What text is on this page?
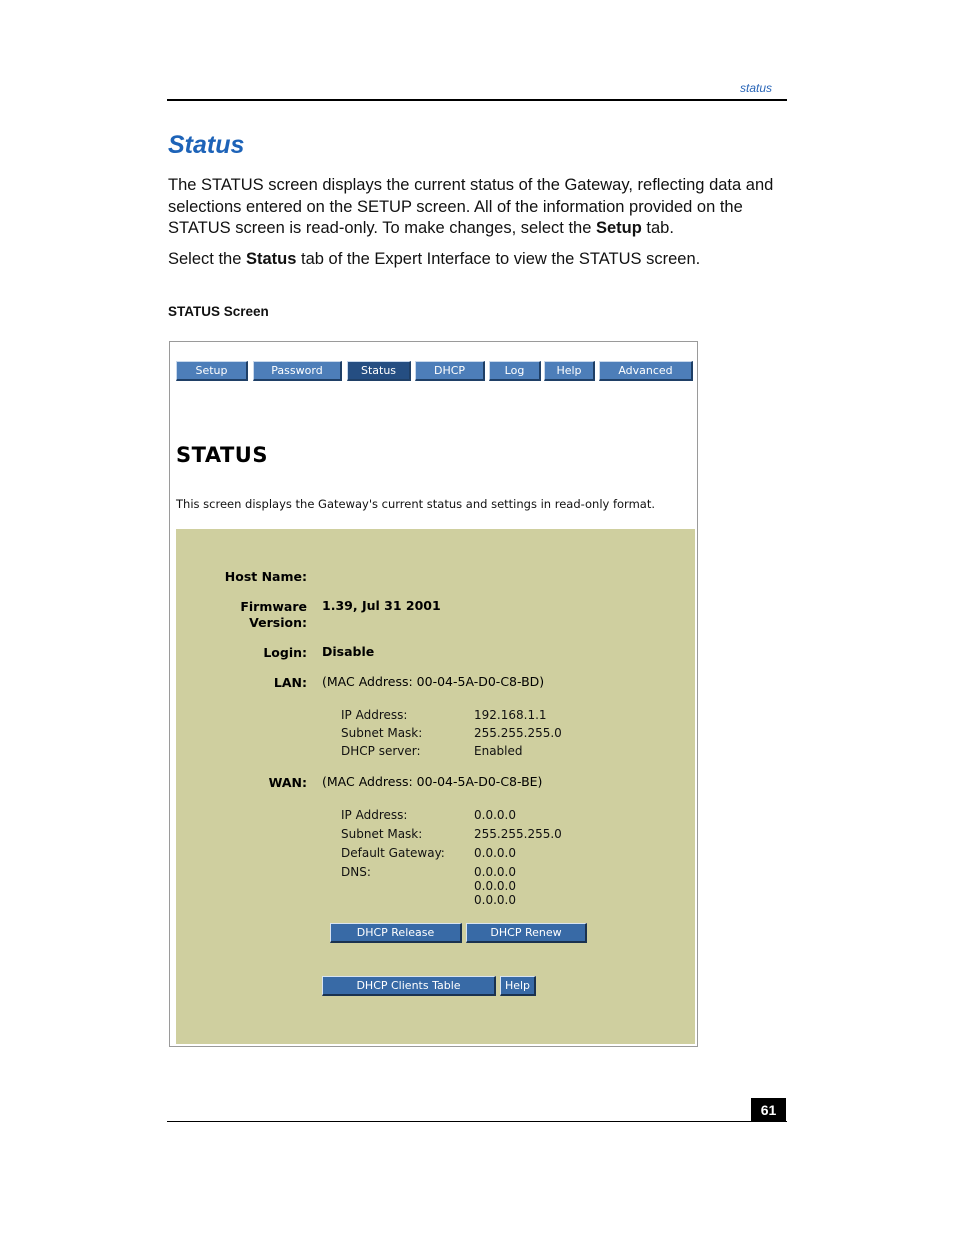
status
Status

The STATUS screen displays the current status of the Gateway, reflecting data and selections entered on the SETUP screen. All of the information provided on the STATUS screen is read-only. To make changes, select the Setup tab.

Select the Status tab of the Expert Interface to view the STATUS screen.

STATUS Screen
Setup	Password	Status	DHCP	Log	Help	Advanced
STATUS
This screen displays the Gateway's current status and settings in read-only format.
Host Name:
Firmware
Version:
1.39, Jul 31 2001
Login: Disable
LAN: (MAC Address: 00-04-5A-D0-C8-BD)
IP Address:	192.168.1.1
Subnet Mask:	255.255.255.0
DHCP server:	Enabled
WAN: (MAC Address: 00-04-5A-D0-C8-BE)
IP Address:	0.0.0.0
Subnet Mask:	255.255.255.0
Default Gateway: 0.0.0.0
DNS:	0.0.0.0
0.0.0.0
0.0.0.0
DHCP Release	DHCP Renew
DHCP Clients Table	Help
61
